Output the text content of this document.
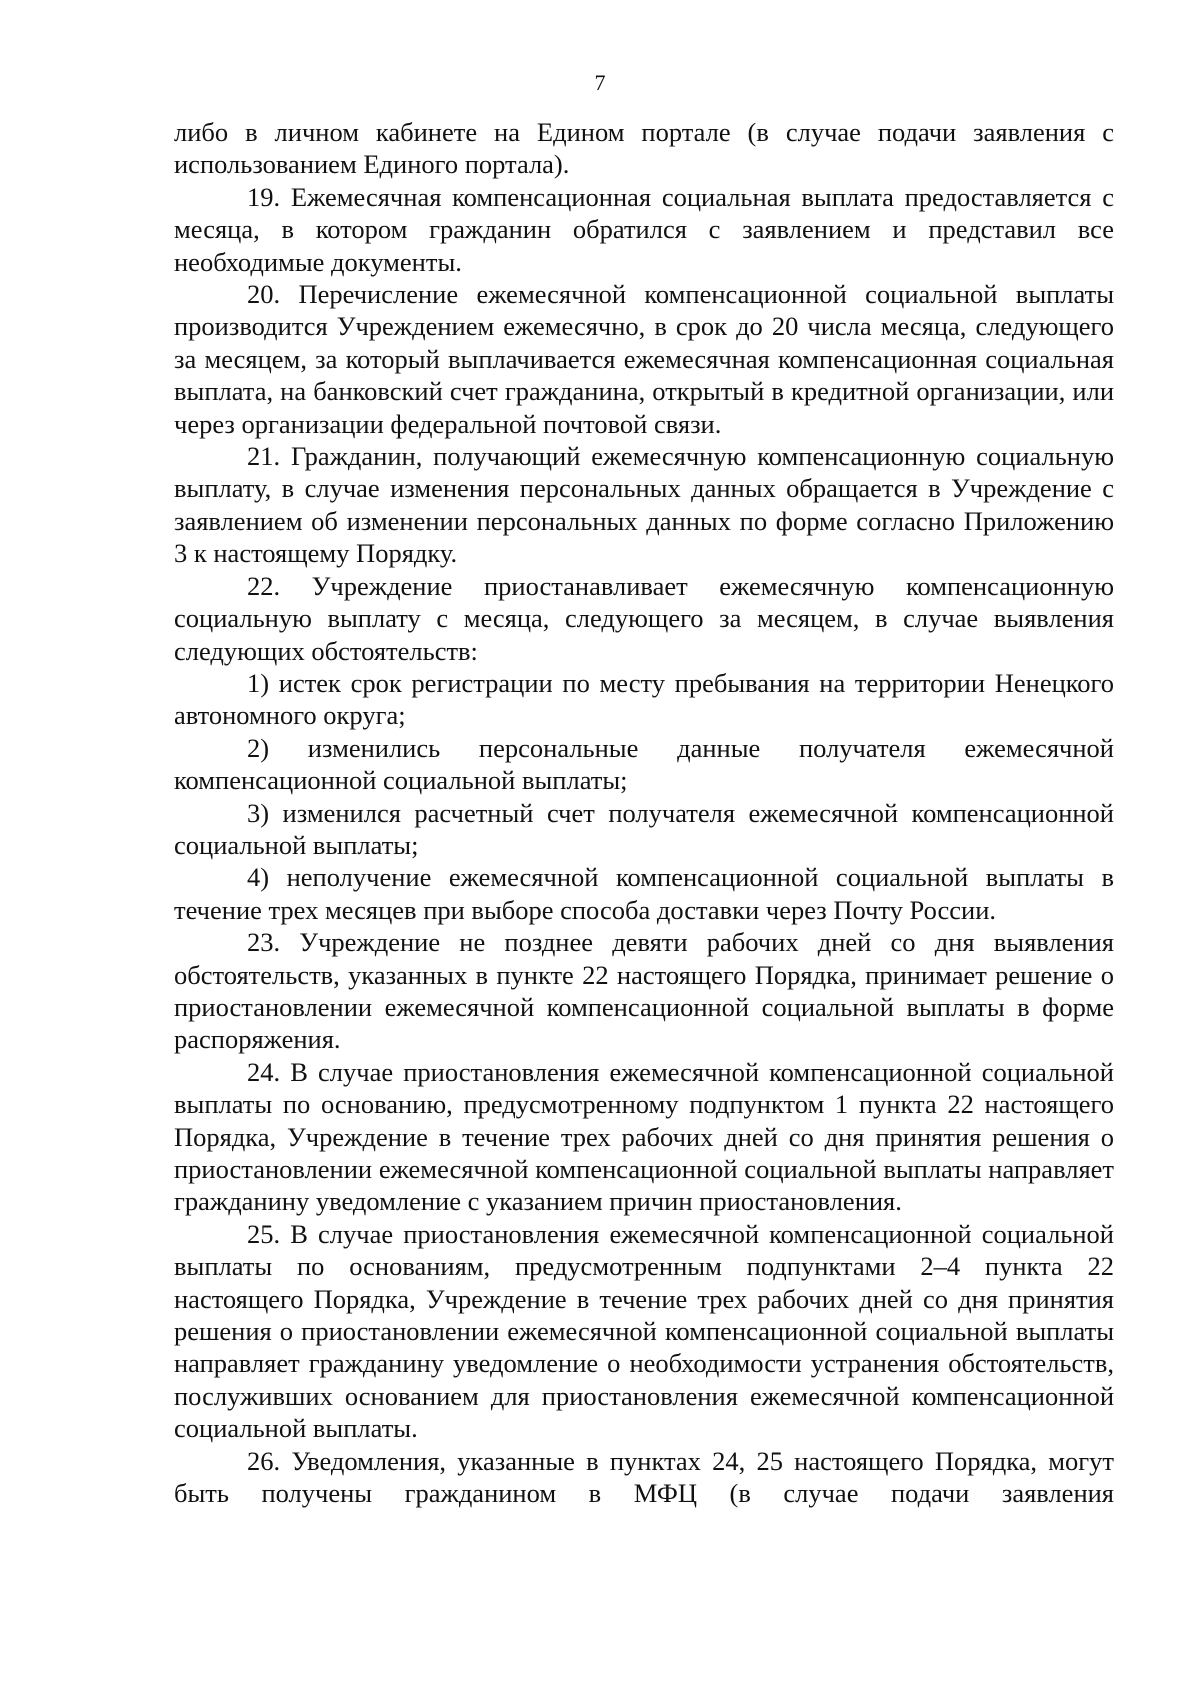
7

либо в личном кабинете на Едином портале (в случае подачи заявления с использованием Единого портала).

19. Ежемесячная компенсационная социальная выплата предоставляется с месяца, в котором гражданин обратился с заявлением и представил все необходимые документы.

20. Перечисление ежемесячной компенсационной социальной выплаты производится Учреждением ежемесячно, в срок до 20 числа месяца, следующего за месяцем, за который выплачивается ежемесячная компенсационная социальная выплата, на банковский счет гражданина, открытый в кредитной организации, или через организации федеральной почтовой связи.

21. Гражданин, получающий ежемесячную компенсационную социальную выплату, в случае изменения персональных данных обращается в Учреждение с заявлением об изменении персональных данных по форме согласно Приложению 3 к настоящему Порядку.

22. Учреждение приостанавливает ежемесячную компенсационную социальную выплату с месяца, следующего за месяцем, в случае выявления следующих обстоятельств:

1) истек срок регистрации по месту пребывания на территории Ненецкого автономного округа;

2) изменились персональные данные получателя ежемесячной компенсационной социальной выплаты;

3) изменился расчетный счет получателя ежемесячной компенсационной социальной выплаты;

4) неполучение ежемесячной компенсационной социальной выплаты в течение трех месяцев при выборе способа доставки через Почту России.

23. Учреждение не позднее девяти рабочих дней со дня выявления обстоятельств, указанных в пункте 22 настоящего Порядка, принимает решение о приостановлении ежемесячной компенсационной социальной выплаты в форме распоряжения.

24. В случае приостановления ежемесячной компенсационной социальной выплаты по основанию, предусмотренному подпунктом 1 пункта 22 настоящего Порядка, Учреждение в течение трех рабочих дней со дня принятия решения о приостановлении ежемесячной компенсационной социальной выплаты направляет гражданину уведомление с указанием причин приостановления.

25. В случае приостановления ежемесячной компенсационной социальной выплаты по основаниям, предусмотренным подпунктами 2–4 пункта 22 настоящего Порядка, Учреждение в течение трех рабочих дней со дня принятия решения о приостановлении ежемесячной компенсационной социальной выплаты направляет гражданину уведомление о необходимости устранения обстоятельств, послуживших основанием для приостановления ежемесячной компенсационной социальной выплаты.

26. Уведомления, указанные в пунктах 24, 25 настоящего Порядка, могут быть получены гражданином в МФЦ (в случае подачи заявления
